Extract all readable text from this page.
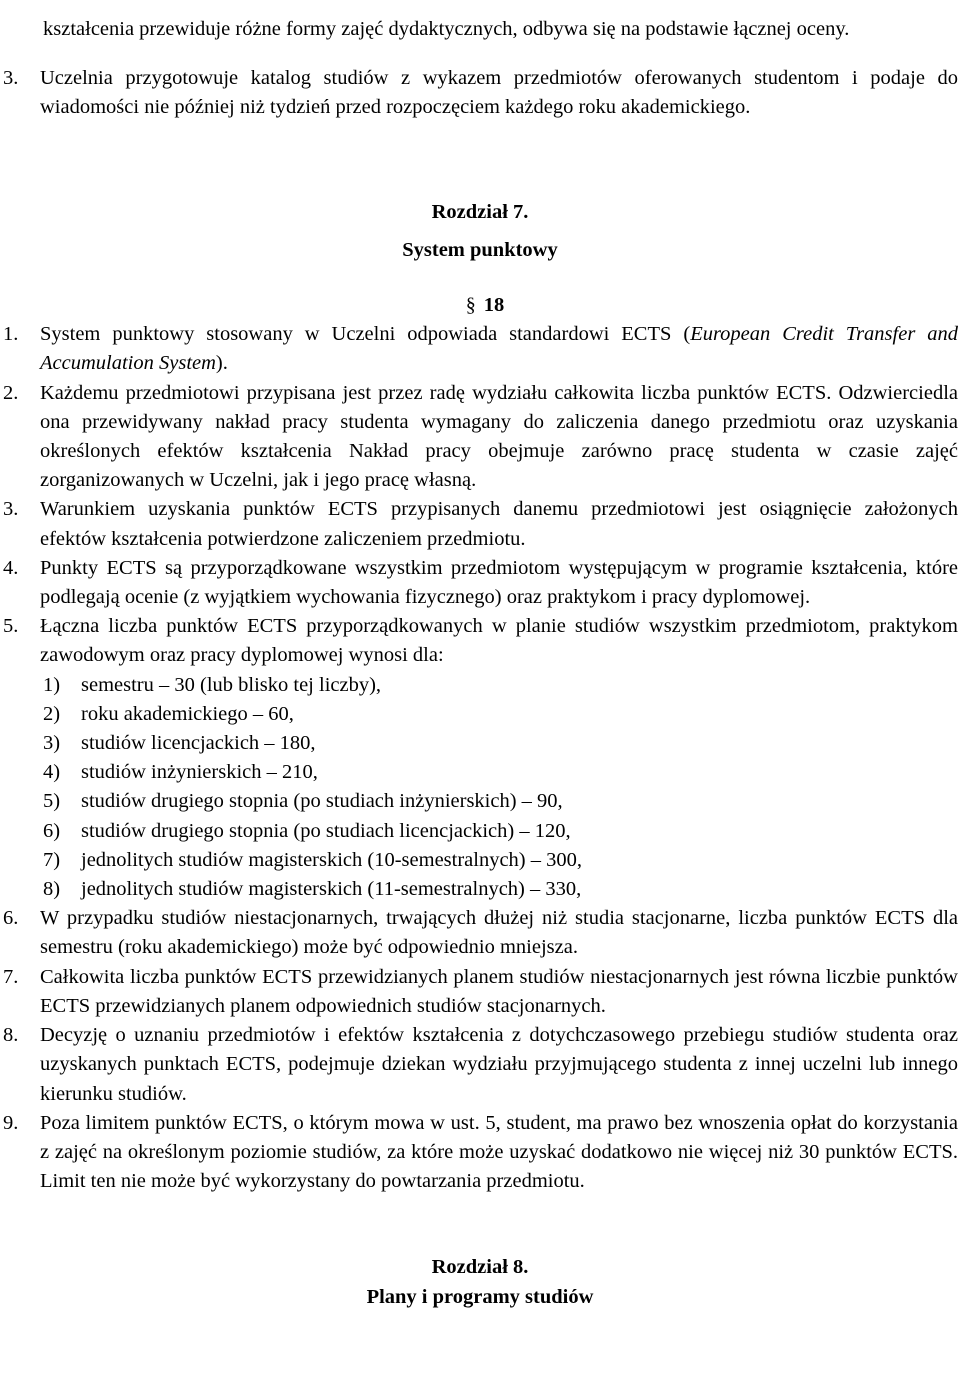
kształcenia przewiduje różne formy zajęć dydaktycznych, odbywa się na podstawie łącznej oceny.

3.	Uczelnia przygotowuje katalog studiów z wykazem przedmiotów oferowanych studentom i podaje do wiadomości nie później niż tydzień przed rozpoczęciem każdego roku akademickiego.
Rozdział 7.
System punktowy
§ 18
1.	System punktowy stosowany w Uczelni odpowiada standardowi ECTS (European Credit Transfer and Accumulation System).
2.	Każdemu przedmiotowi przypisana jest przez radę wydziału całkowita liczba punktów ECTS. Odzwierciedla ona przewidywany nakład pracy studenta wymagany do zaliczenia danego przedmiotu oraz uzyskania określonych efektów kształcenia Nakład pracy obejmuje zarówno pracę studenta w czasie zajęć zorganizowanych w Uczelni, jak i jego pracę własną.
3.	Warunkiem uzyskania punktów ECTS przypisanych danemu przedmiotowi jest osiągnięcie założonych efektów kształcenia potwierdzone zaliczeniem przedmiotu.
4.	Punkty ECTS są przyporządkowane wszystkim przedmiotom występującym w programie kształcenia, które podlegają ocenie (z wyjątkiem wychowania fizycznego) oraz praktykom i pracy dyplomowej.
5.	Łączna liczba punktów ECTS przyporządkowanych w planie studiów wszystkim przedmiotom, praktykom zawodowym oraz pracy dyplomowej wynosi dla:
1)	semestru – 30 (lub blisko tej liczby),
2)	roku akademickiego – 60,
3)	studiów licencjackich – 180,
4)	studiów inżynierskich – 210,
5)	studiów drugiego stopnia (po studiach inżynierskich) – 90,
6)	studiów drugiego stopnia (po studiach licencjackich) – 120,
7)	jednolitych studiów magisterskich (10-semestralnych) – 300,
8)	jednolitych studiów magisterskich (11-semestralnych) – 330,
6.	W przypadku studiów niestacjonarnych, trwających dłużej niż studia stacjonarne, liczba punktów ECTS dla semestru (roku akademickiego) może być odpowiednio mniejsza.
7.	Całkowita liczba punktów ECTS przewidzianych planem studiów niestacjonarnych jest równa liczbie punktów ECTS przewidzianych planem odpowiednich studiów stacjonarnych.
8.	Decyzję o uznaniu przedmiotów i efektów kształcenia z dotychczasowego przebiegu studiów studenta oraz uzyskanych punktach ECTS, podejmuje dziekan wydziału przyjmującego studenta z innej uczelni lub innego kierunku studiów.
9.	Poza limitem punktów ECTS, o którym mowa w ust. 5, student, ma prawo bez wnoszenia opłat do korzystania z zajęć na określonym poziomie studiów, za które może uzyskać dodatkowo nie więcej niż 30 punktów ECTS. Limit ten nie może być wykorzystany do powtarzania przedmiotu.
Rozdział 8.
Plany i programy studiów
